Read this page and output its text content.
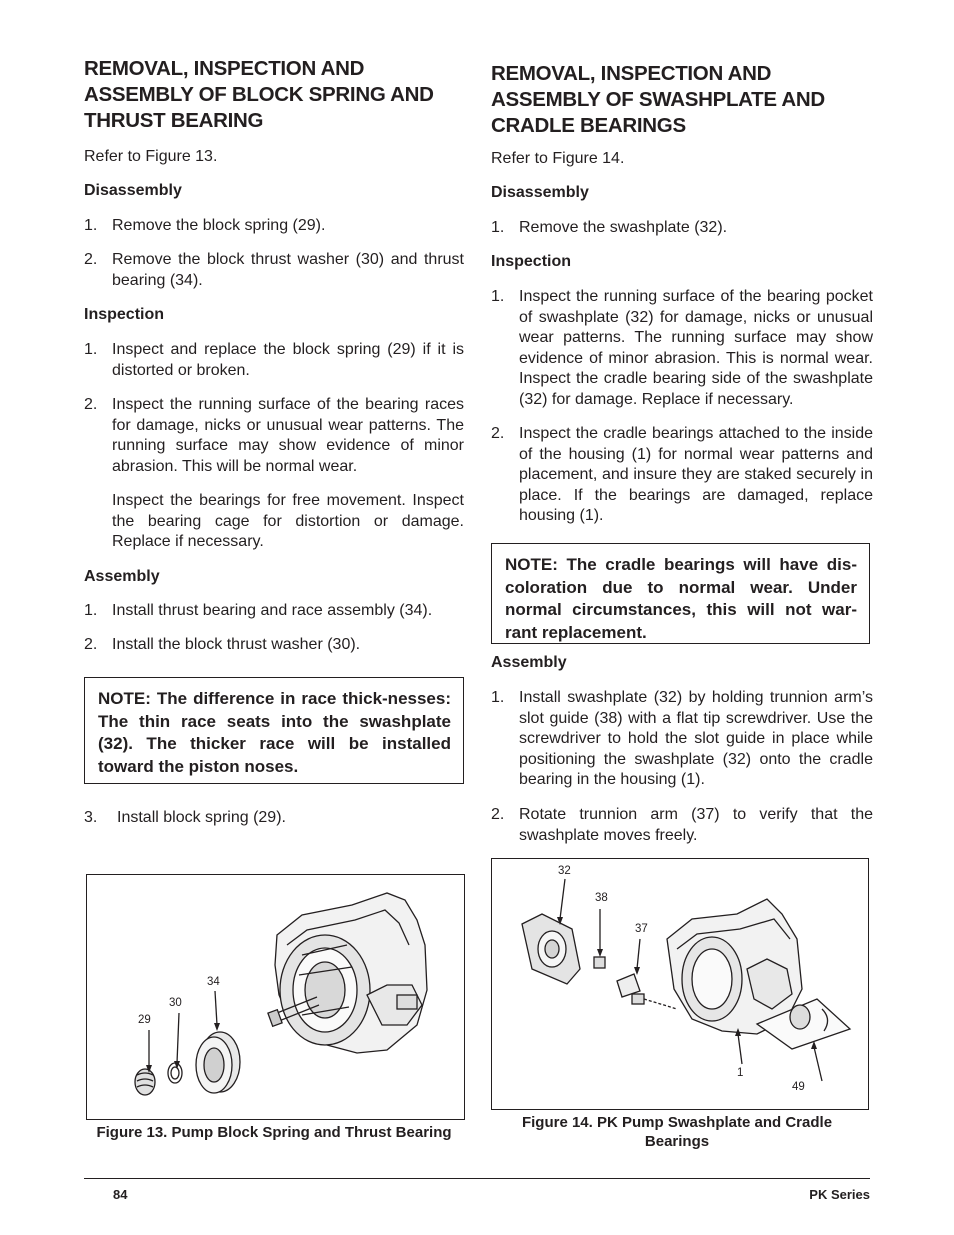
REMOVAL, INSPECTION AND
ASSEMBLY OF BLOCK SPRING AND
THRUST BEARING
Refer to Figure 13.
Disassembly
1. Remove the block spring (29).
2. Remove the block thrust washer (30) and thrust bearing (34).
Inspection
1. Inspect and replace the block spring (29) if it is distorted or broken.
2. Inspect the running surface of the bearing races for damage, nicks or unusual wear patterns. The running surface may show evidence of minor abrasion. This will be normal wear.
Inspect the bearings for free movement. Inspect the bearing cage for distortion or damage. Replace if necessary.
Assembly
1. Install thrust bearing and race assembly (34).
2. Install the block thrust washer (30).
NOTE: The difference in race thick-nesses: The thin race seats into the swashplate (32). The thicker race will be installed toward the piston noses.
3. Install block spring (29).
29
30
34
Figure 13. Pump Block Spring and Thrust Bearing
REMOVAL, INSPECTION AND
ASSEMBLY OF SWASHPLATE AND
CRADLE BEARINGS
Refer to Figure 14.
Disassembly
1. Remove the swashplate (32).
Inspection
1. Inspect the running surface of the bearing pocket of swashplate (32) for damage, nicks or unusual wear patterns. The running surface may show evidence of minor abrasion. This is normal wear. Inspect the cradle bearing side of the swashplate (32) for damage. Replace if necessary.
2. Inspect the cradle bearings attached to the inside of the housing (1) for normal wear patterns and placement, and insure they are staked securely in place. If the bearings are damaged, replace housing (1).
NOTE: The cradle bearings will have dis-coloration due to normal wear. Under normal circumstances, this will not war-rant replacement.
Assembly
1. Install swashplate (32) by holding trunnion arm’s slot guide (38) with a flat tip screwdriver. Use the screwdriver to hold the slot guide in place while positioning the swashplate (32) onto the cradle bearing in the housing (1).
2. Rotate trunnion arm (37) to verify that the swashplate moves freely.
32
38
37
1
49
Figure 14. PK Pump Swashplate and Cradle
Bearings
84	PK Series
